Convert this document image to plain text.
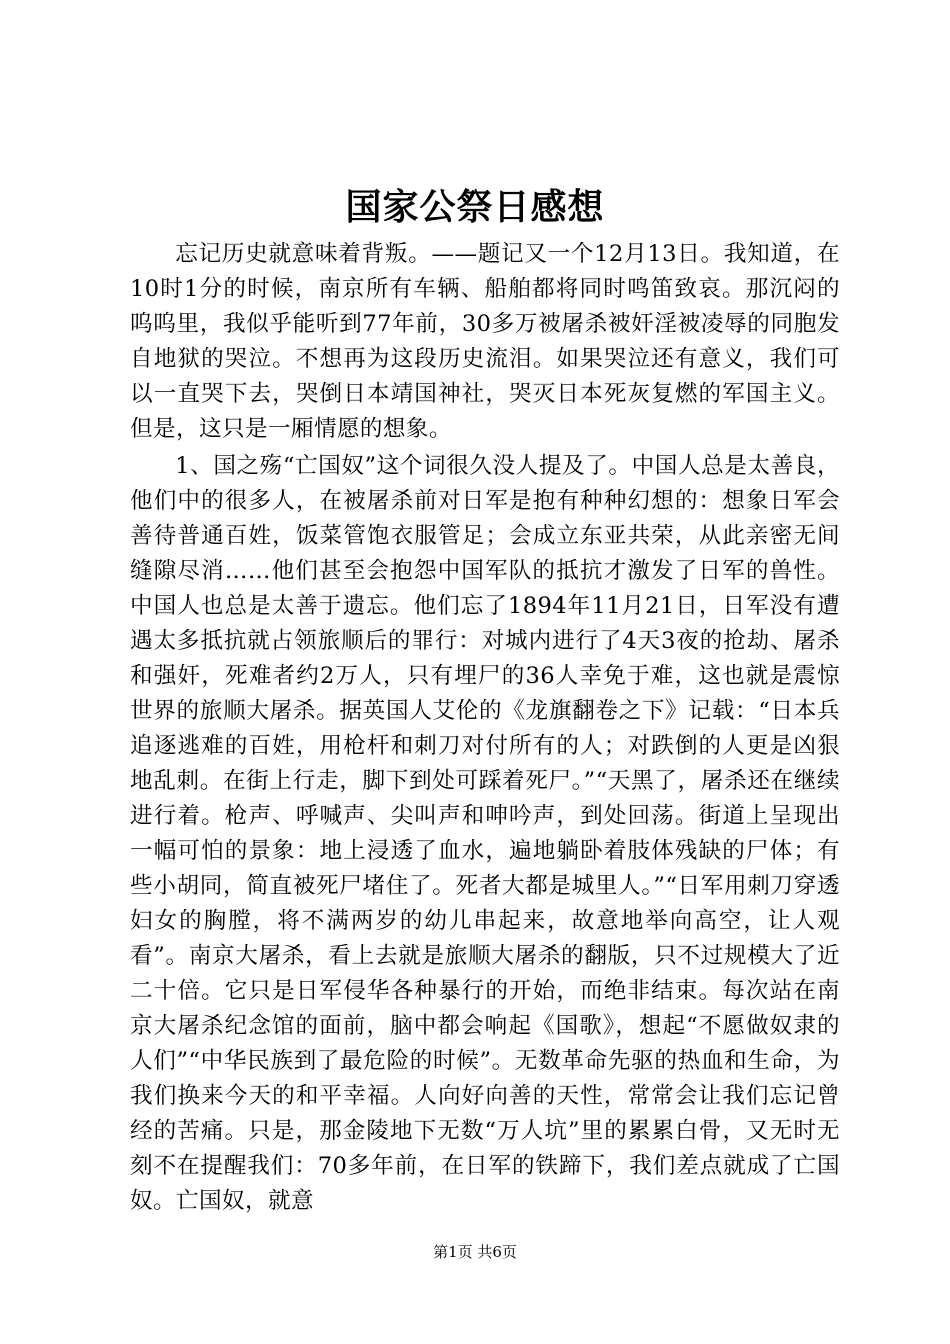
国家公祭日感想

忘记历史就意味着背叛。——题记又一个12月13日。我知道，在10时1分的时候，南京所有车辆、船舶都将同时鸣笛致哀。那沉闷的呜呜里，我似乎能听到77年前，30多万被屠杀被奸淫被凌辱的同胞发自地狱的哭泣。不想再为这段历史流泪。如果哭泣还有意义，我们可以一直哭下去，哭倒日本靖国神社，哭灭日本死灰复燃的军国主义。但是，这只是一厢情愿的想象。

1、国之殇“亡国奴”这个词很久没人提及了。中国人总是太善良，他们中的很多人，在被屠杀前对日军是抱有种种幻想的：想象日军会善待普通百姓，饭菜管饱衣服管足；会成立东亚共荣，从此亲密无间缝隙尽消……他们甚至会抱怨中国军队的抵抗才激发了日军的兽性。中国人也总是太善于遗忘。他们忘了1894年11月21日，日军没有遭遇太多抵抗就占领旅顺后的罪行：对城内进行了4天3夜的抢劫、屠杀和强奸，死难者约2万人，只有埋尸的36人幸免于难，这也就是震惊世界的旅顺大屠杀。据英国人艾伦的《龙旗翻卷之下》记载：“日本兵追逐逃难的百姓，用枪杆和刺刀对付所有的人；对跌倒的人更是凶狠地乱刺。在街上行走，脚下到处可踩着死尸。”“天黑了，屠杀还在继续进行着。枪声、呼喊声、尖叫声和呻吟声，到处回荡。街道上呈现出一幅可怕的景象：地上浸透了血水，遍地躺卧着肢体残缺的尸体；有些小胡同，简直被死尸堵住了。死者大都是城里人。”“日军用刺刀穿透妇女的胸膛，将不满两岁的幼儿串起来，故意地举向高空，让人观看”。南京大屠杀，看上去就是旅顺大屠杀的翻版，只不过规模大了近二十倍。它只是日军侵华各种暴行的开始，而绝非结束。每次站在南京大屠杀纪念馆的面前，脑中都会响起《国歌》，想起“不愿做奴隶的人们”“中华民族到了最危险的时候”。无数革命先驱的热血和生命，为我们换来今天的和平幸福。人向好向善的天性，常常会让我们忘记曾经的苦痛。只是，那金陵地下无数“万人坑”里的累累白骨，又无时无刻不在提醒我们：70多年前，在日军的铁蹄下，我们差点就成了亡国奴。亡国奴，就意

第1页 共6页
